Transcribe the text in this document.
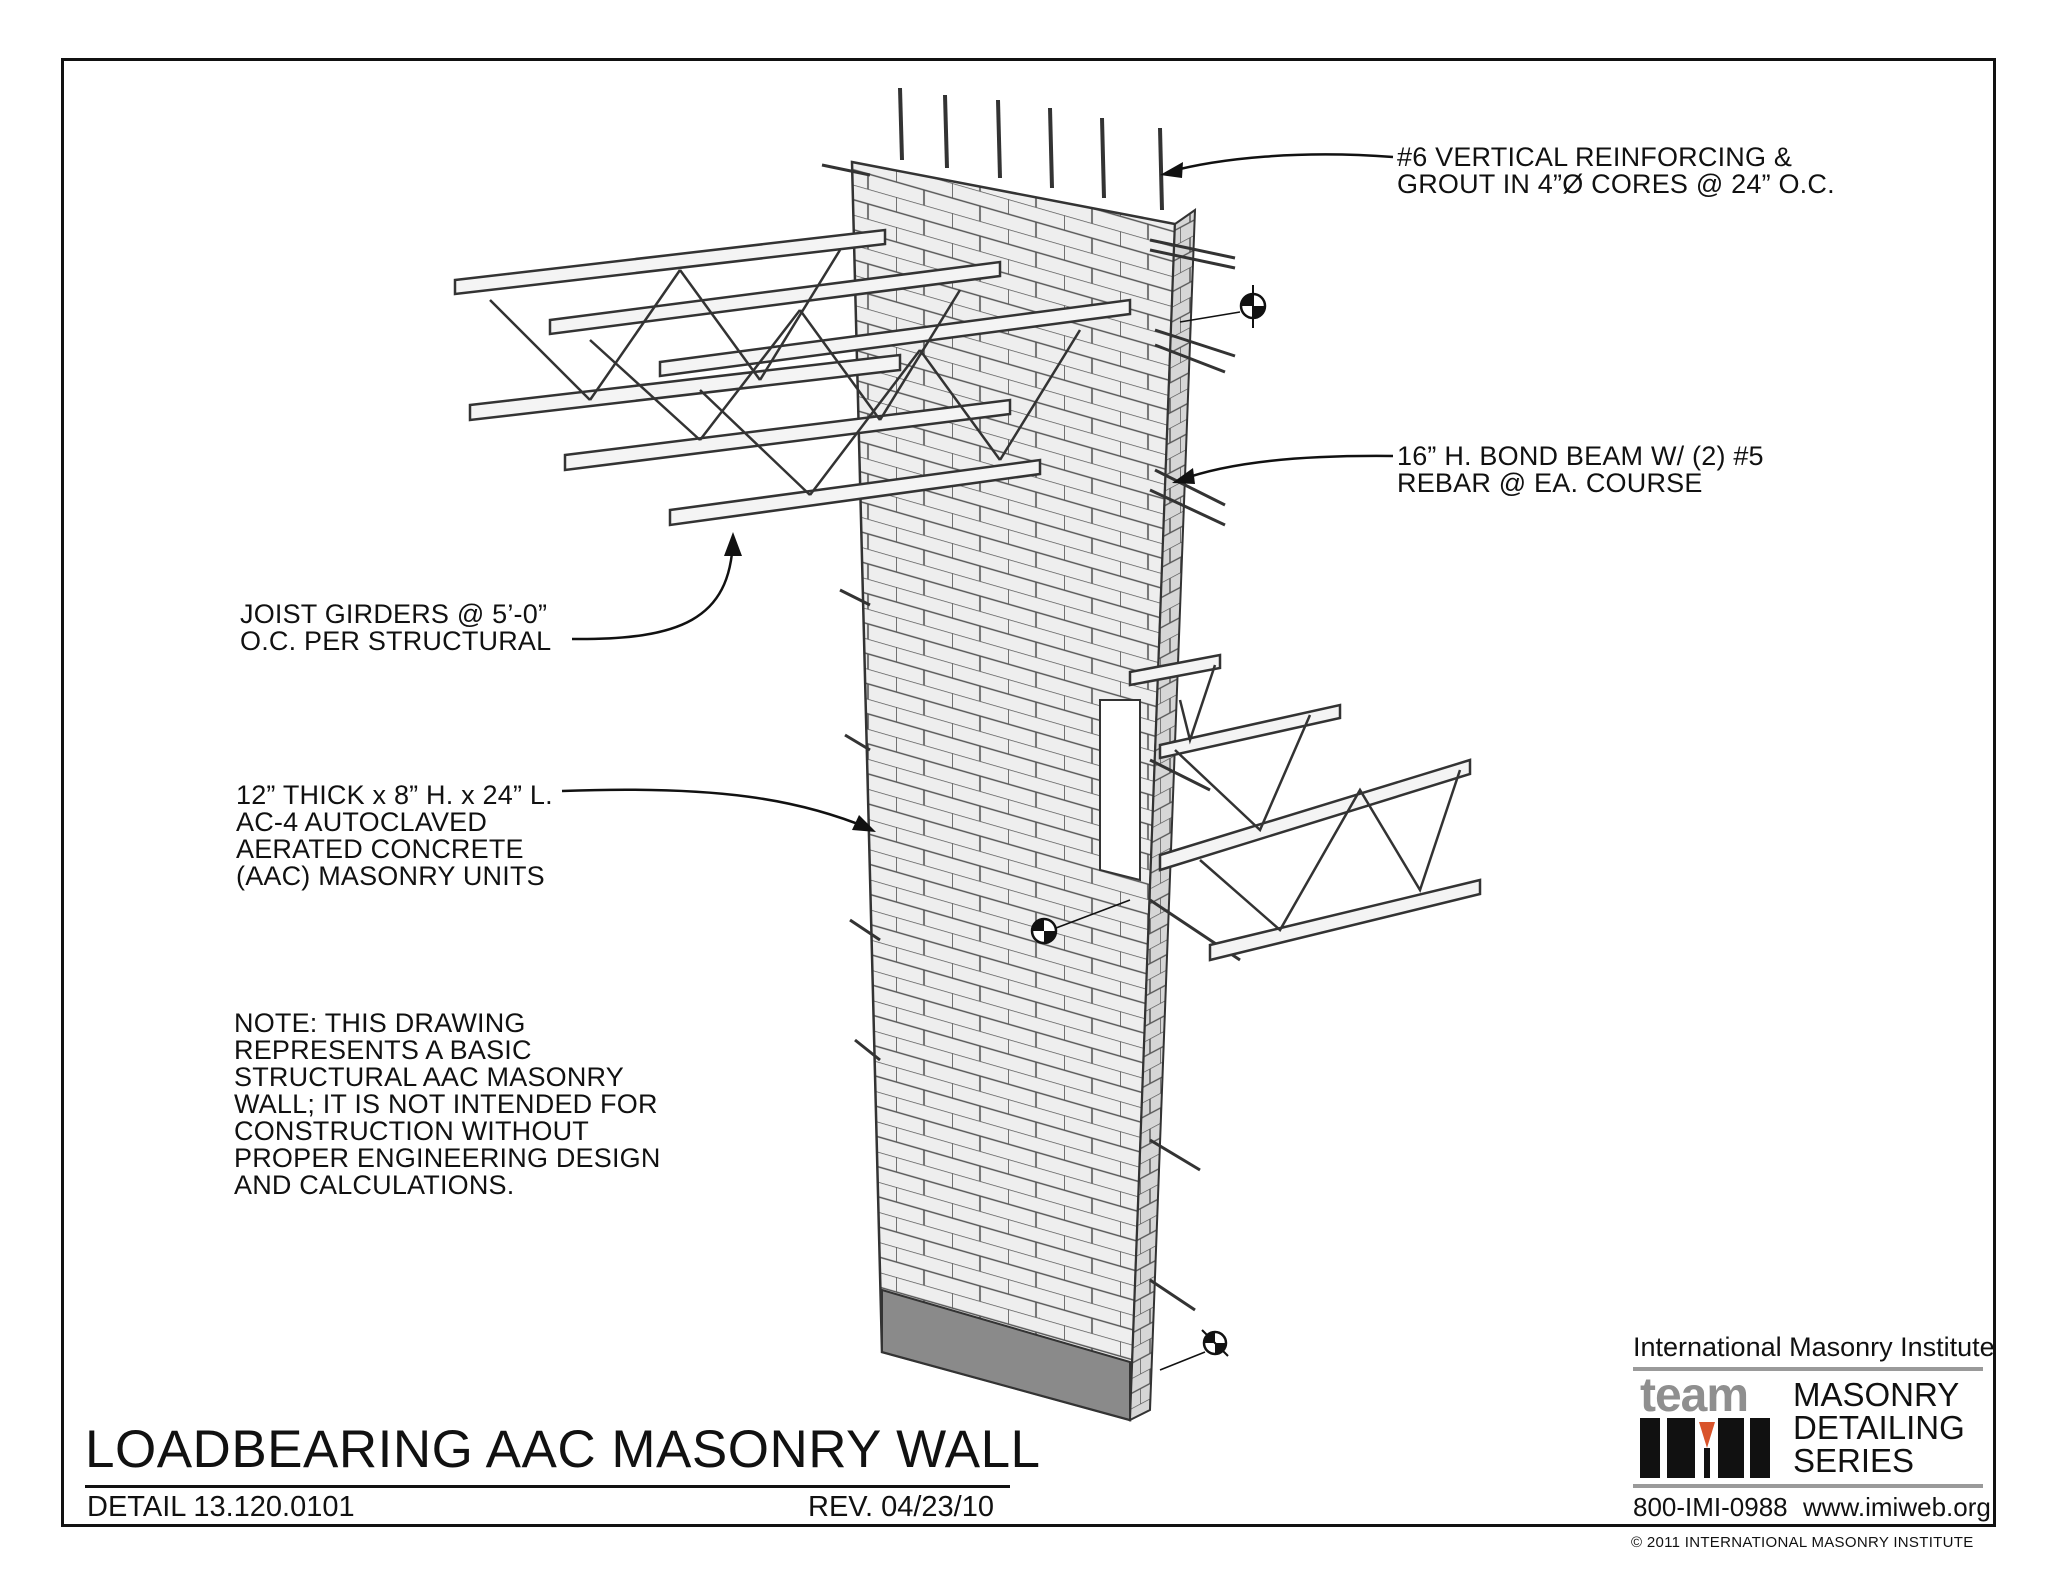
#6 VERTICAL REINFORCING &
GROUT IN 4”Ø CORES @ 24” O.C.
16” H. BOND BEAM W/ (2) #5
REBAR @ EA. COURSE
JOIST GIRDERS @ 5’-0”
O.C. PER STRUCTURAL
12” THICK x 8” H. x 24” L.
AC-4 AUTOCLAVED
AERATED CONCRETE
(AAC) MASONRY UNITS
NOTE: THIS DRAWING
REPRESENTS A BASIC
STRUCTURAL AAC MASONRY
WALL; IT IS NOT INTENDED FOR
CONSTRUCTION WITHOUT
PROPER ENGINEERING DESIGN
AND CALCULATIONS.
LOADBEARING AAC MASONRY WALL
DETAIL 13.120.0101	REV. 04/23/10
International Masonry Institute
team MASONRY
DETAILING
SERIES
800-IMI-0988 www.imiweb.org
© 2011 INTERNATIONAL MASONRY INSTITUTE
